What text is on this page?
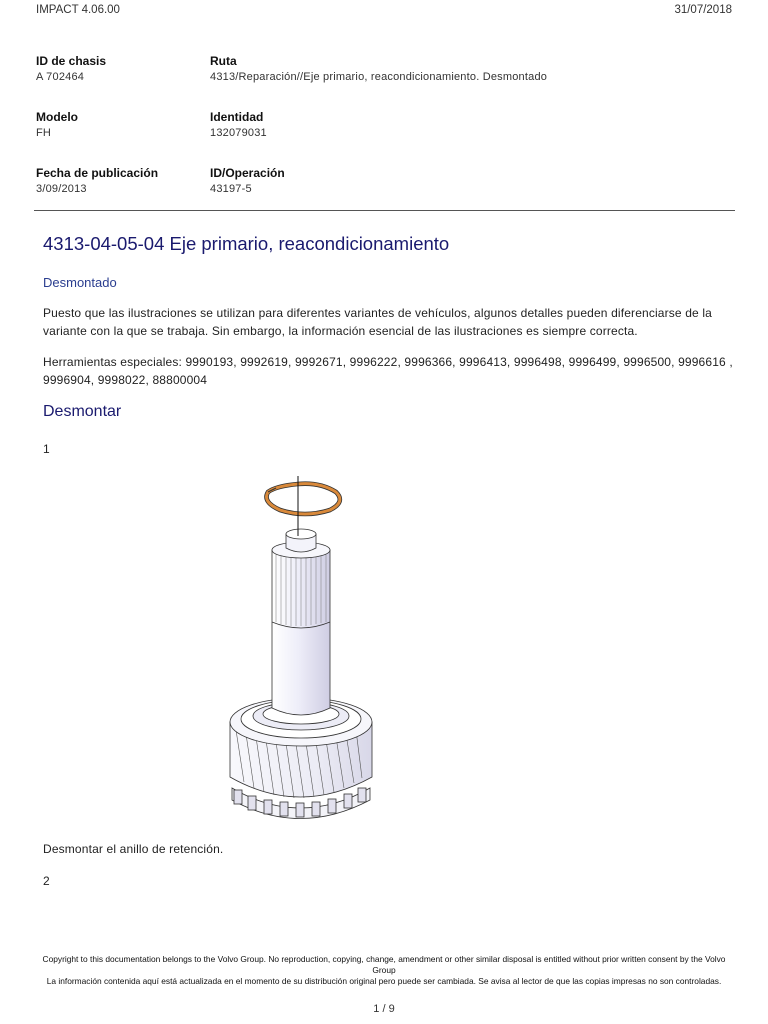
IMPACT 4.06.00	31/07/2018
ID de chasis
A 702464
Ruta
4313/Reparación//Eje primario, reacondicionamiento. Desmontado
Modelo
FH
Identidad
132079031
Fecha de publicación
3/09/2013
ID/Operación
43197-5
4313-04-05-04 Eje primario, reacondicionamiento
Desmontado
Puesto que las ilustraciones se utilizan para diferentes variantes de vehículos, algunos detalles pueden diferenciarse de la variante con la que se trabaja. Sin embargo, la información esencial de las ilustraciones es siempre correcta.
Herramientas especiales: 9990193, 9992619, 9992671, 9996222, 9996366, 9996413, 9996498, 9996499, 9996500, 9996616 , 9996904, 9998022, 88800004
Desmontar
1
Desmontar el anillo de retención.
2
Copyright to this documentation belongs to the Volvo Group. No reproduction, copying, change, amendment or other similar disposal is entitled without prior written consent by the Volvo Group
La información contenida aquí está actualizada en el momento de su distribución original pero puede ser cambiada. Se avisa al lector de que las copias impresas no son controladas.
1 / 9
